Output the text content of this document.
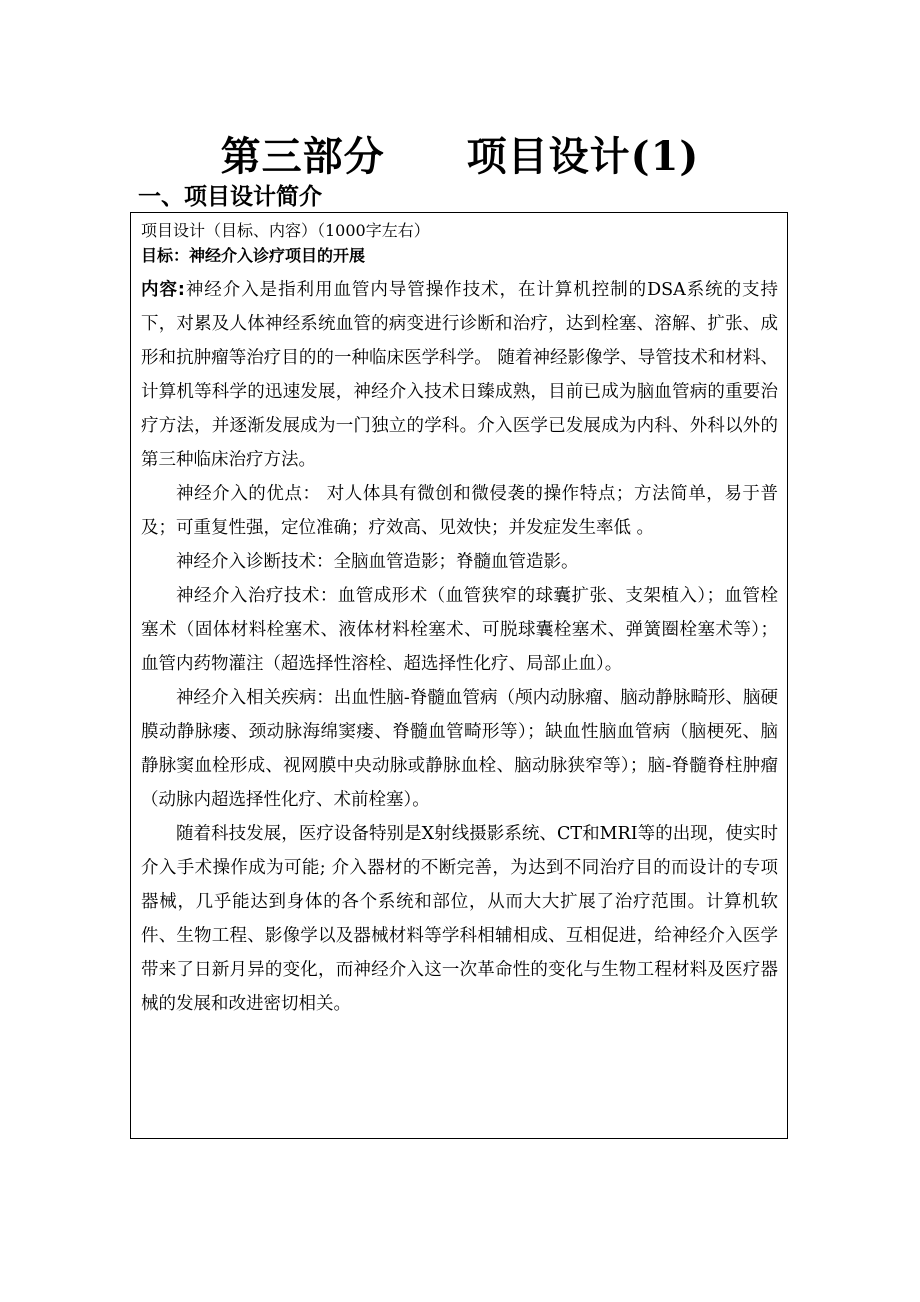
第三部分　　项目设计(1)
一、项目设计简介

项目设计（目标、内容）（1000字左右）

目标：神经介入诊疗项目的开展

内容:神经介入是指利用血管内导管操作技术，在计算机控制的DSA系统的支持下，对累及人体神经系统血管的病变进行诊断和治疗，达到栓塞、溶解、扩张、成形和抗肿瘤等治疗目的的一种临床医学科学。 随着神经影像学、导管技术和材料、计算机等科学的迅速发展，神经介入技术日臻成熟，目前已成为脑血管病的重要治疗方法，并逐渐发展成为一门独立的学科。介入医学已发展成为内科、外科以外的第三种临床治疗方法。

神经介入的优点： 对人体具有微创和微侵袭的操作特点；方法简单，易于普及；可重复性强，定位准确；疗效高、见效快；并发症发生率低 。

神经介入诊断技术：全脑血管造影；脊髓血管造影。

神经介入治疗技术：血管成形术（血管狭窄的球囊扩张、支架植入）；血管栓塞术（固体材料栓塞术、液体材料栓塞术、可脱球囊栓塞术、弹簧圈栓塞术等）；血管内药物灌注（超选择性溶栓、超选择性化疗、局部止血）。

神经介入相关疾病：出血性脑-脊髓血管病（颅内动脉瘤、脑动静脉畸形、脑硬膜动静脉瘘、颈动脉海绵窦瘘、脊髓血管畸形等）；缺血性脑血管病（脑梗死、脑静脉窦血栓形成、视网膜中央动脉或静脉血栓、脑动脉狭窄等）；脑-脊髓脊柱肿瘤（动脉内超选择性化疗、术前栓塞）。

随着科技发展，医疗设备特别是X射线摄影系统、CT和MRI等的出现，使实时介入手术操作成为可能; 介入器材的不断完善，为达到不同治疗目的而设计的专项器械，几乎能达到身体的各个系统和部位，从而大大扩展了治疗范围。计算机软件、生物工程、影像学以及器械材料等学科相辅相成、互相促进，给神经介入医学带来了日新月异的变化，而神经介入这一次革命性的变化与生物工程材料及医疗器械的发展和改进密切相关。
